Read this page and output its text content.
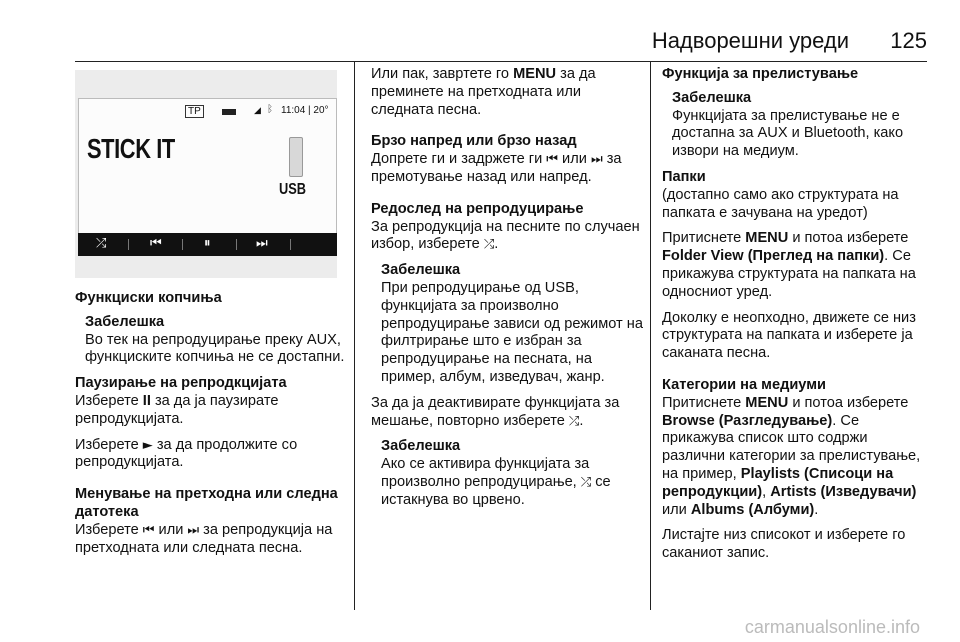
Надворешни уреди 125
TP	◢ ᛒ 11:04 | 20°
STICK IT
USB
⤮	⏮	⏸	⏭

Функциски копчиња

Забелешка

Во тек на репродуцирање преку AUX, функциските копчиња не се достапни.

Паузирање на репродкцијата

Изберете II за да ја паузирате репродукцијата.

Изберете ► за да продолжите со репродукцијата.

Менување на претходна или следна датотека

Изберете ⏮ или ⏭ за репродукција на претходната или следната песна.

Или пак, завртете го MENU за да преминете на претходната или следната песна.

Брзо напред или брзо назад

Допрете ги и задржете ги ⏮ или ⏭ за премотување назад или напред.

Редослед на репродуцирање

За репродукција на песните по случаен избор, изберете ⤮.

Забелешка

При репродуцирање од USB, функцијата за произволно репродуцирање зависи од режимот на филтрирање што е избран за репродуцирање на песната, на пример, албум, изведувач, жанр.

За да ја деактивирате функцијата за мешање, повторно изберете ⤮.

Забелешка

Ако се активира функцијата за произволно репродуцирање, ⤮ се истакнува во црвено.

Функција за прелистување

Забелешка

Функцијата за прелистување не е достапна за AUX и Bluetooth, како извори на медиум.

Папки

(достапно само ако структурата на папката е зачувана на уредот)

Притиснете MENU и потоа изберете Folder View (Преглед на папки). Се прикажува структурата на папката на односниот уред.

Доколку е неопходно, движете се низ структурата на папката и изберете ја саканата песна.

Категории на медиуми

Притиснете MENU и потоа изберете Browse (Разгледување). Се прикажува список што содржи различни категории за прелистување, на пример, Playlists (Списоци на репродукции), Artists (Изведувачи) или Albums (Албуми).

Листајте низ списокот и изберете го саканиот запис.

carmanualsonline.info
